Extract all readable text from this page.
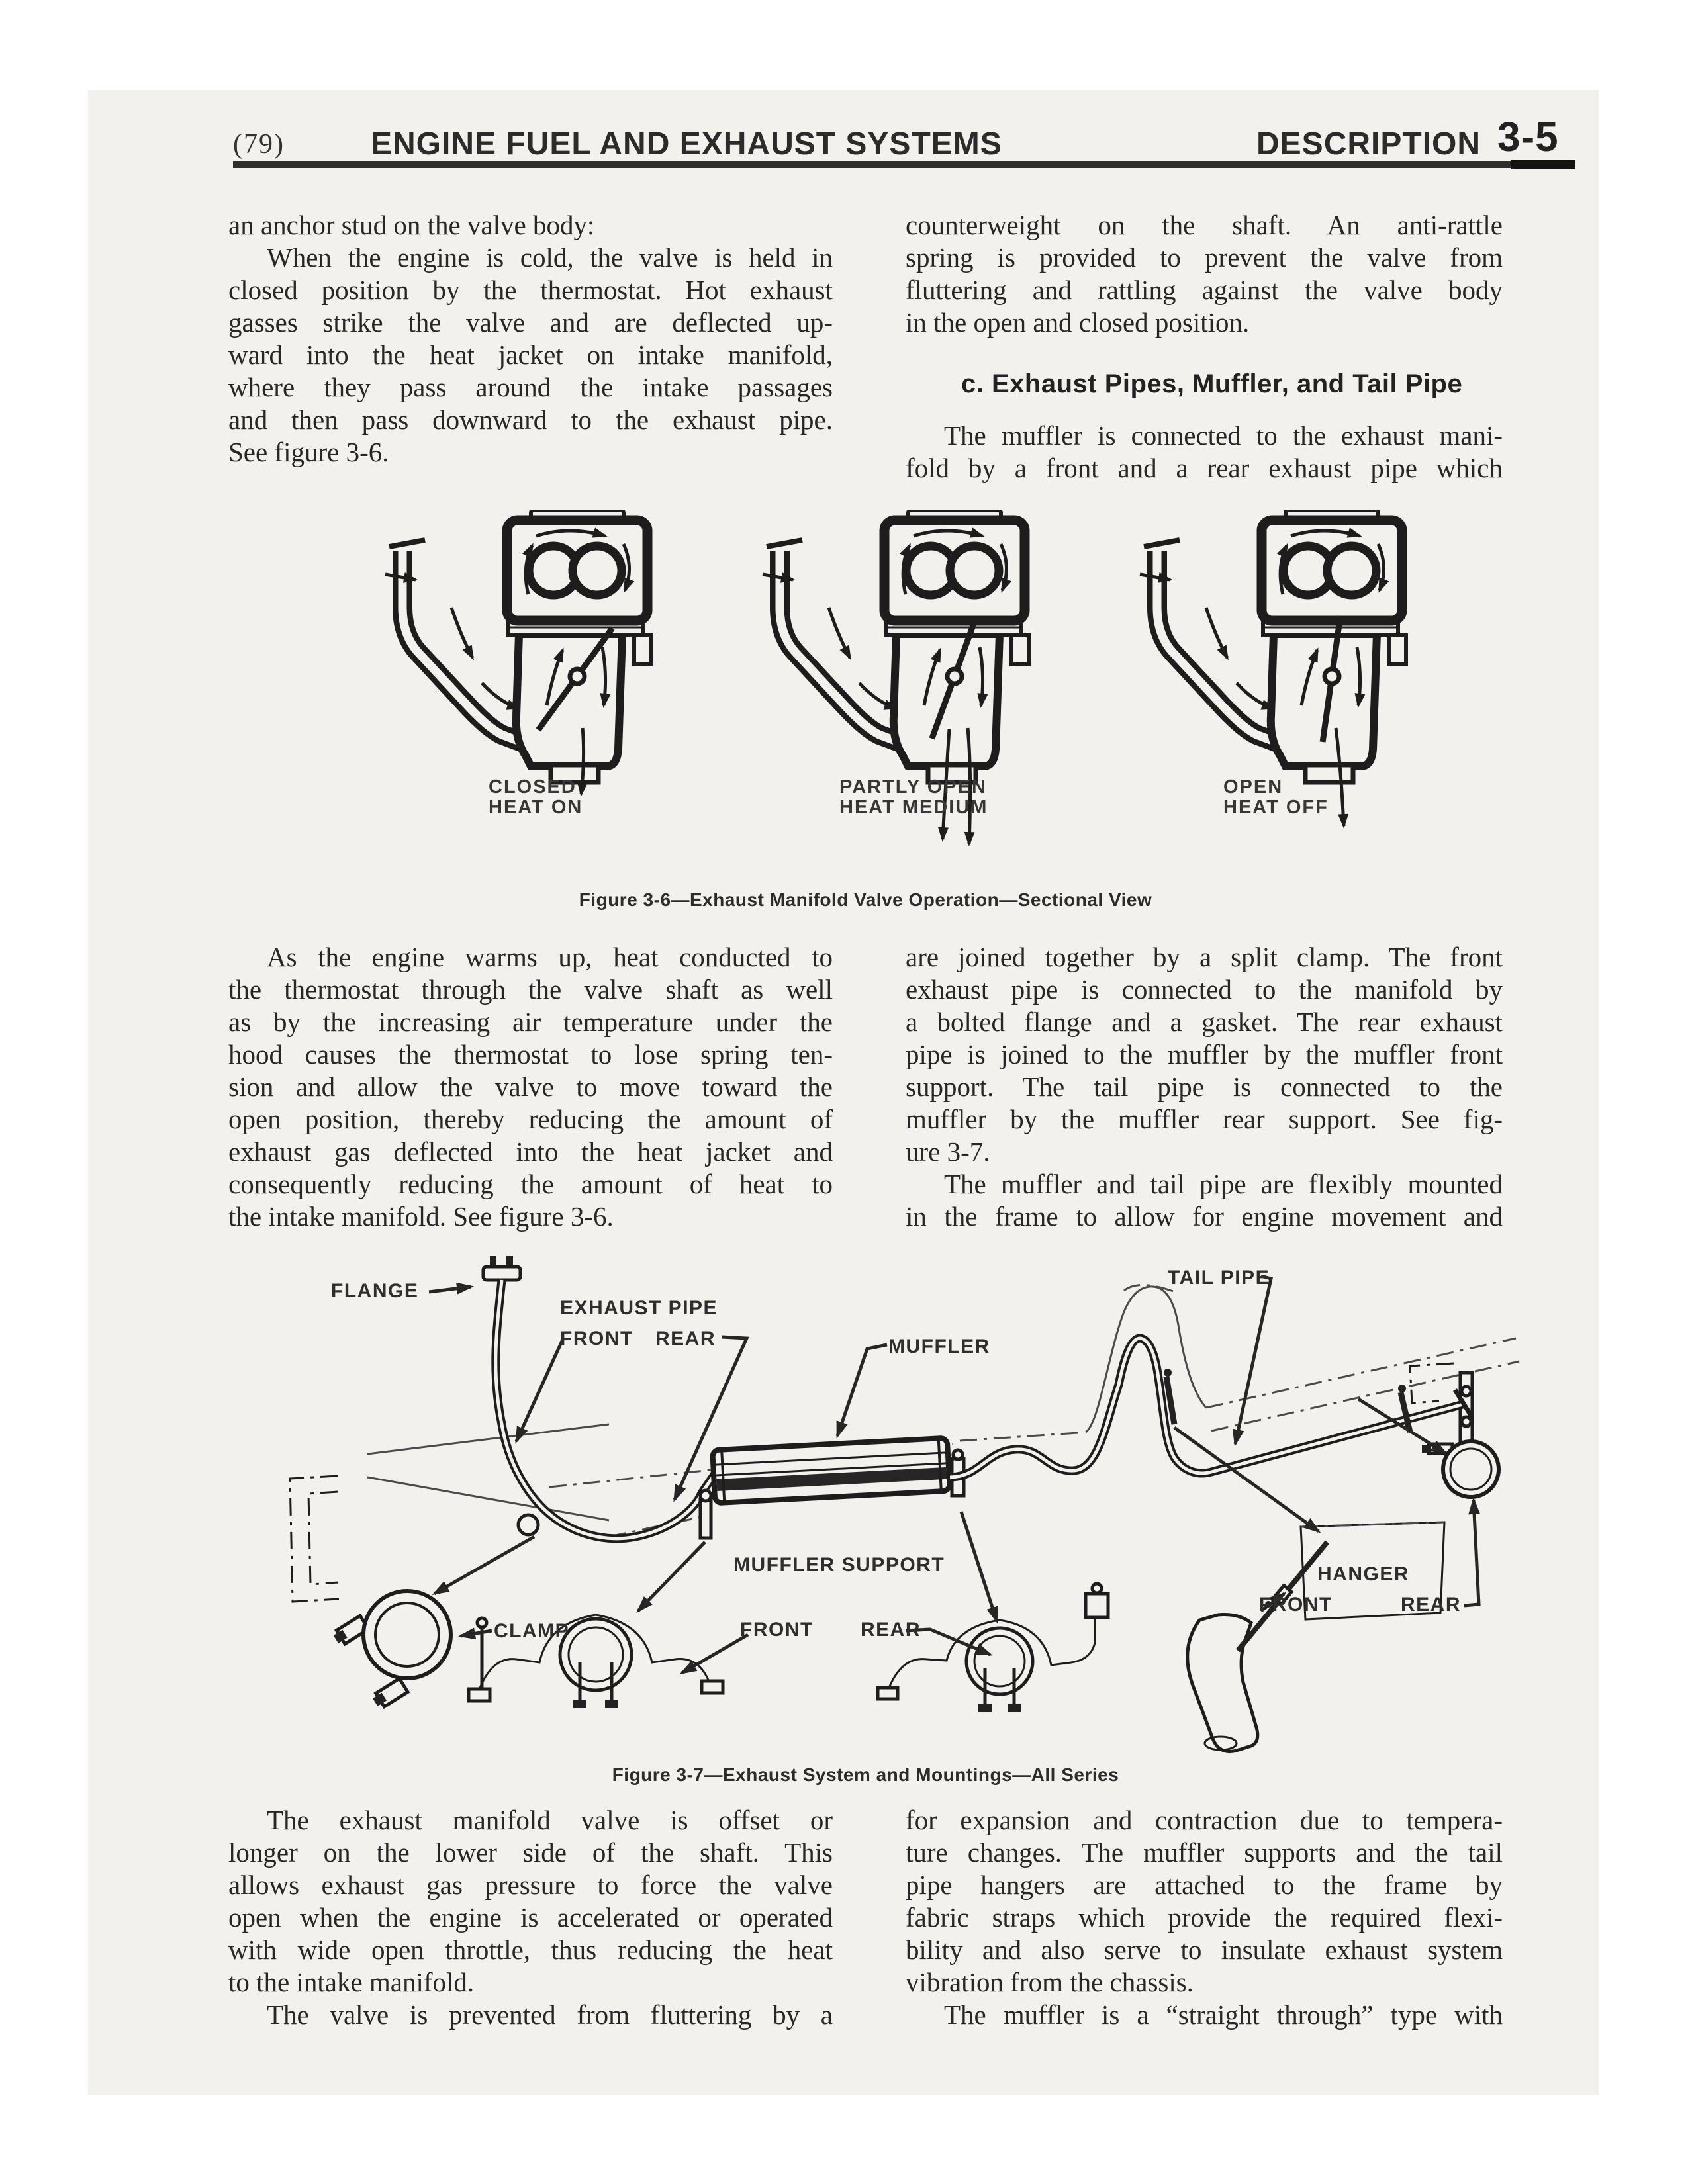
(79)	ENGINE FUEL AND EXHAUST SYSTEMS	DESCRIPTION 3-5
an anchor stud on the valve body:
When the engine is cold, the valve is held in
closed position by the thermostat. Hot exhaust
gasses strike the valve and are deflected up-
ward into the heat jacket on intake manifold,
where they pass around the intake passages
and then pass downward to the exhaust pipe.
See figure 3-6.
counterweight on the shaft. An anti-rattle
spring is provided to prevent the valve from
fluttering and rattling against the valve body
in the open and closed position.
c. Exhaust Pipes, Muffler, and Tail Pipe
The muffler is connected to the exhaust mani-
fold by a front and a rear exhaust pipe which
As the engine warms up, heat conducted to
the thermostat through the valve shaft as well
as by the increasing air temperature under the
hood causes the thermostat to lose spring ten-
sion and allow the valve to move toward the
open position, thereby reducing the amount of
exhaust gas deflected into the heat jacket and
consequently reducing the amount of heat to
the intake manifold. See figure 3-6.
are joined together by a split clamp. The front
exhaust pipe is connected to the manifold by
a bolted flange and a gasket. The rear exhaust
pipe is joined to the muffler by the muffler front
support. The tail pipe is connected to the
muffler by the muffler rear support. See fig-
ure 3-7.
The muffler and tail pipe are flexibly mounted
in the frame to allow for engine movement and
The exhaust manifold valve is offset or
longer on the lower side of the shaft. This
allows exhaust gas pressure to force the valve
open when the engine is accelerated or operated
with wide open throttle, thus reducing the heat
to the intake manifold.
The valve is prevented from fluttering by a
for expansion and contraction due to tempera-
ture changes. The muffler supports and the tail
pipe hangers are attached to the frame by
fabric straps which provide the required flexi-
bility and also serve to insulate exhaust system
vibration from the chassis.
The muffler is a “straight through” type with
CLOSED
HEAT ON
PARTLY OPEN
HEAT MEDIUM
OPEN
HEAT OFF
Figure 3-6—Exhaust Manifold Valve Operation—Sectional View
FLANGE
EXHAUST PIPE
FRONT REAR	MUFFLER
TAIL PIPE
CLAMP
MUFFLER SUPPORT
FRONT REAR
HANGER
FRONT	REAR
Figure 3-7—Exhaust System and Mountings—All Series
